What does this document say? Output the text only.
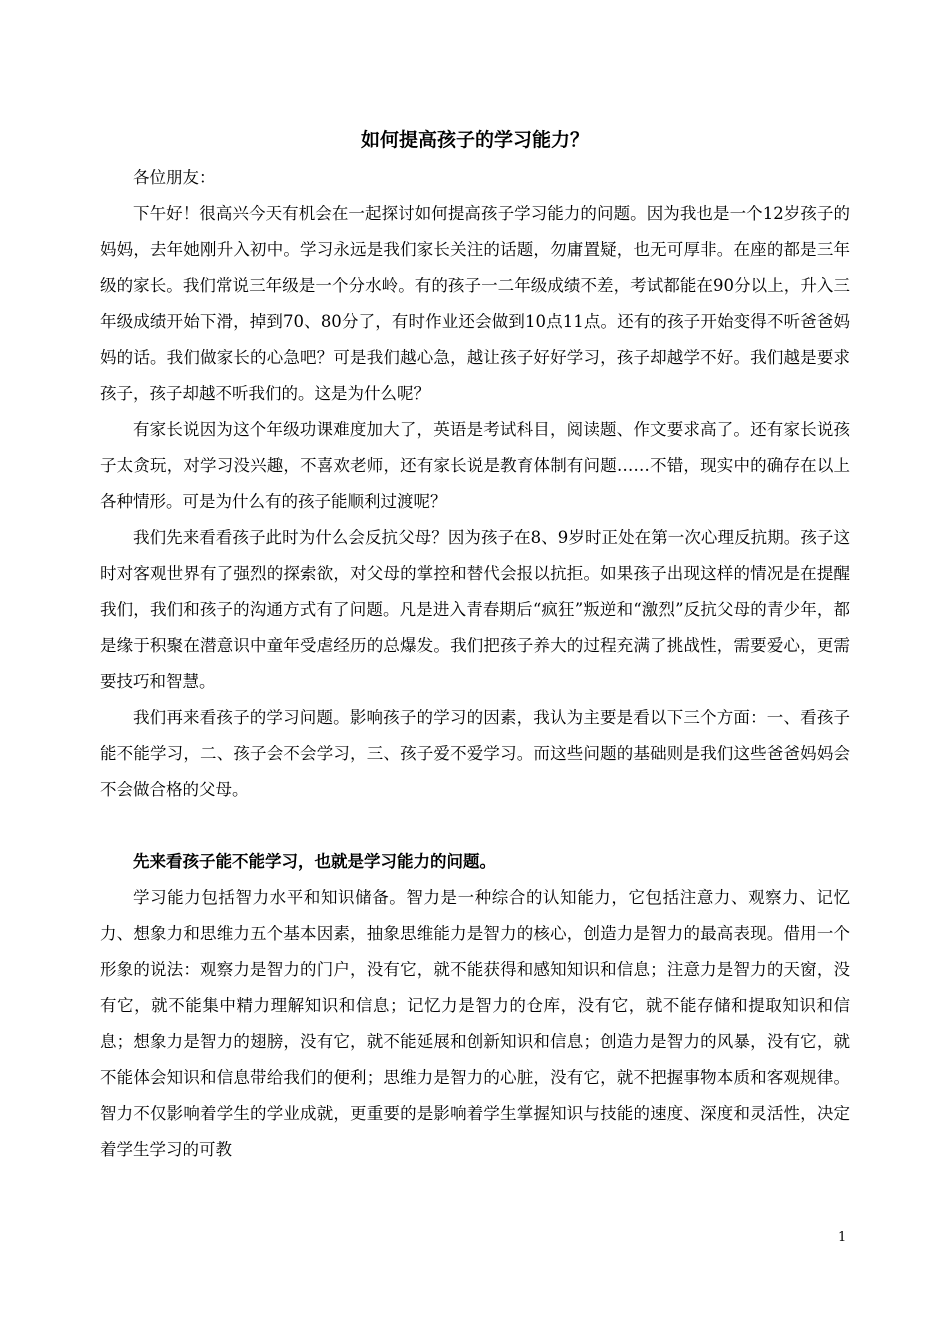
如何提高孩子的学习能力？

各位朋友：

下午好！很高兴今天有机会在一起探讨如何提高孩子学习能力的问题。因为我也是一个12岁孩子的妈妈，去年她刚升入初中。学习永远是我们家长关注的话题，勿庸置疑，也无可厚非。在座的都是三年级的家长。我们常说三年级是一个分水岭。有的孩子一二年级成绩不差，考试都能在90分以上，升入三年级成绩开始下滑，掉到70、80分了，有时作业还会做到10点11点。还有的孩子开始变得不听爸爸妈妈的话。我们做家长的心急吧？可是我们越心急，越让孩子好好学习，孩子却越学不好。我们越是要求孩子，孩子却越不听我们的。这是为什么呢？

有家长说因为这个年级功课难度加大了，英语是考试科目，阅读题、作文要求高了。还有家长说孩子太贪玩，对学习没兴趣，不喜欢老师，还有家长说是教育体制有问题……不错，现实中的确存在以上各种情形。可是为什么有的孩子能顺利过渡呢？

我们先来看看孩子此时为什么会反抗父母？因为孩子在8、9岁时正处在第一次心理反抗期。孩子这时对客观世界有了强烈的探索欲，对父母的掌控和替代会报以抗拒。如果孩子出现这样的情况是在提醒我们，我们和孩子的沟通方式有了问题。凡是进入青春期后“疯狂”叛逆和“激烈”反抗父母的青少年，都是缘于积聚在潜意识中童年受虐经历的总爆发。我们把孩子养大的过程充满了挑战性，需要爱心，更需要技巧和智慧。

我们再来看孩子的学习问题。影响孩子的学习的因素，我认为主要是看以下三个方面：一、看孩子能不能学习，二、孩子会不会学习，三、孩子爱不爱学习。而这些问题的基础则是我们这些爸爸妈妈会不会做合格的父母。

先来看孩子能不能学习，也就是学习能力的问题。

学习能力包括智力水平和知识储备。智力是一种综合的认知能力，它包括注意力、观察力、记忆力、想象力和思维力五个基本因素，抽象思维能力是智力的核心，创造力是智力的最高表现。借用一个形象的说法：观察力是智力的门户，没有它，就不能获得和感知知识和信息；注意力是智力的天窗，没有它，就不能集中精力理解知识和信息；记忆力是智力的仓库，没有它，就不能存储和提取知识和信息；想象力是智力的翅膀，没有它，就不能延展和创新知识和信息；创造力是智力的风暴，没有它，就不能体会知识和信息带给我们的便利；思维力是智力的心脏，没有它，就不把握事物本质和客观规律。智力不仅影响着学生的学业成就，更重要的是影响着学生掌握知识与技能的速度、深度和灵活性，决定着学生学习的可教

1
